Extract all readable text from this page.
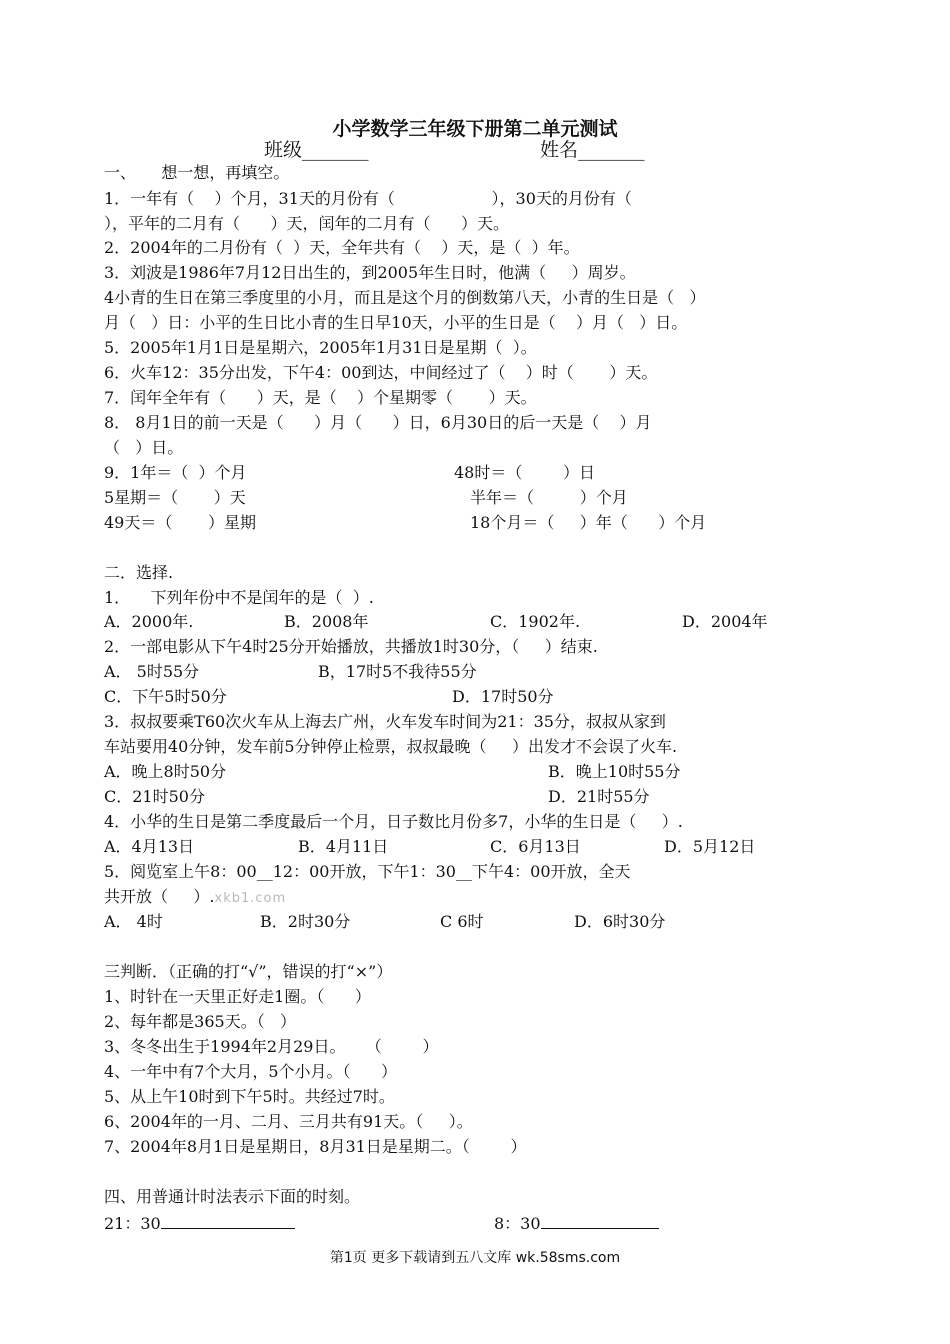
小学数学三年级下册第二单元测试
班级_______	姓名_______
一、     想一想，再填空。
1．一年有（    ）个月，31天的月份有（                   ），30天的月份有（
），平年的二月有（      ）天，闰年的二月有（      ）天。
2．2004年的二月份有（  ）天，全年共有（    ）天，是（  ）年。
3．刘波是1986年7月12日出生的，到2005年生日时，他满（     ）周岁。
4小青的生日在第三季度里的小月，而且是这个月的倒数第八天，小青的生日是（   ）
月（   ）日：小平的生日比小青的生日早10天，小平的生日是（    ）月（   ）日。
5．2005年1月1日是星期六，2005年1月31日是星期（  ）。
6．火车12：35分出发，下午4：00到达，中间经过了（    ）时（       ）天。
7．闰年全年有（      ）天，是（    ）个星期零（       ）天。
8． 8月1日的前一天是（      ）月（      ）日，6月30日的后一天是（    ）月
（   ）日。
9．1年＝（  ）个月	48时＝（        ）日
5星期＝（       ）天	半年＝（         ）个月
49天＝（       ）星期	18个月＝（     ）年（      ）个月
二．选择.
1．    下列年份中不是闰年的是（  ）.
A．2000年.	B．2008年	C．1902年.	D．2004年
2．一部电影从下午4时25分开始播放，共播放1时30分，（     ）结束.
A． 5时55分	B，17时5不我待55分
C．下午5时50分	D．17时50分
3．叔叔要乘T60次火车从上海去广州，火车发车时间为21：35分，叔叔从家到
车站要用40分钟，发车前5分钟停止检票，叔叔最晚（     ）出发才不会误了火车.
A．晚上8时50分	B．晚上10时55分
C．21时50分	D．21时55分
4．小华的生日是第二季度最后一个月，日子数比月份多7，小华的生日是（     ）.
A．4月13日	B．4月11日	C．6月13日	D．5月12日
5．阅览室上午8：00__12：00开放，下午1：30__下午4：00开放，全天
共开放（     ）.xkb1.com
A． 4时	B．2时30分	C 6时	D．6时30分
三判断．（正确的打“√”，错误的打“×”）
1、时针在一天里正好走1圈。（      ）
2、每年都是365天。（   ）
3、冬冬出生于1994年2月29日。    （        ）
4、一年中有7个大月，5个小月。（      ）
5、从上午10时到下午5时。共经过7时。
6、2004年的一月、二月、三月共有91天。（     ）。
7、2004年8月1日是星期日，8月31日是星期二。（        ）
四、用普通计时法表示下面的时刻。
21：30	8：30
第1页 更多下载请到五八文库 wk.58sms.com
